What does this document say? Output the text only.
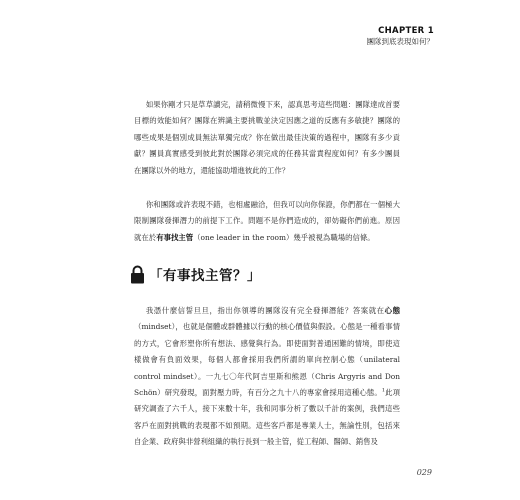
CHAPTER 1
團隊到底表現如何？

如果你剛才只是草草讀完，請稍微慢下來，認真思考這些問題：團隊達成首要目標的效能如何？團隊在辨識主要挑戰並決定因應之道的反應有多敏捷？團隊的哪些成果是個別成員無法單獨完成？你在做出最佳決策的過程中，團隊有多少貢獻？團員真實感受到彼此對於團隊必須完成的任務其當責程度如何？有多少團員在團隊以外的地方，還能協助增進彼此的工作？

你和團隊或許表現不錯，也相處融洽，但我可以向你保證，你們都在一個極大限制團隊發揮潛力的前提下工作。問題不是你們造成的，卻妨礙你們前進。原因就在於有事找主管（one leader in the room）幾乎被視為職場的信條。

「有事找主管？」

我憑什麼信誓旦旦，指出你領導的團隊沒有完全發揮潛能？答案就在心態（mindset），也就是個體或群體據以行動的核心價值與假設。心態是一種看事情的方式，它會形塑你所有想法、感覺與行為。即使面對普通困難的情境，即使這樣做會有負面效果，每個人都會採用我們所謂的單向控制心態（unilateral control mindset）。一九七〇年代阿吉里斯和熊恩（Chris Argyris and Don Schön）研究發現，面對壓力時，有百分之九十八的專家會採用這種心態。$^1$此項研究調查了六千人，接下來數十年，我和同事分析了數以千計的案例，我們這些客戶在面對挑戰的表現都不如預期。這些客戶都是專業人士，無論性別，包括來自企業、政府與非營利組織的執行長到一般主管，從工程師、醫師、銷售及

029
